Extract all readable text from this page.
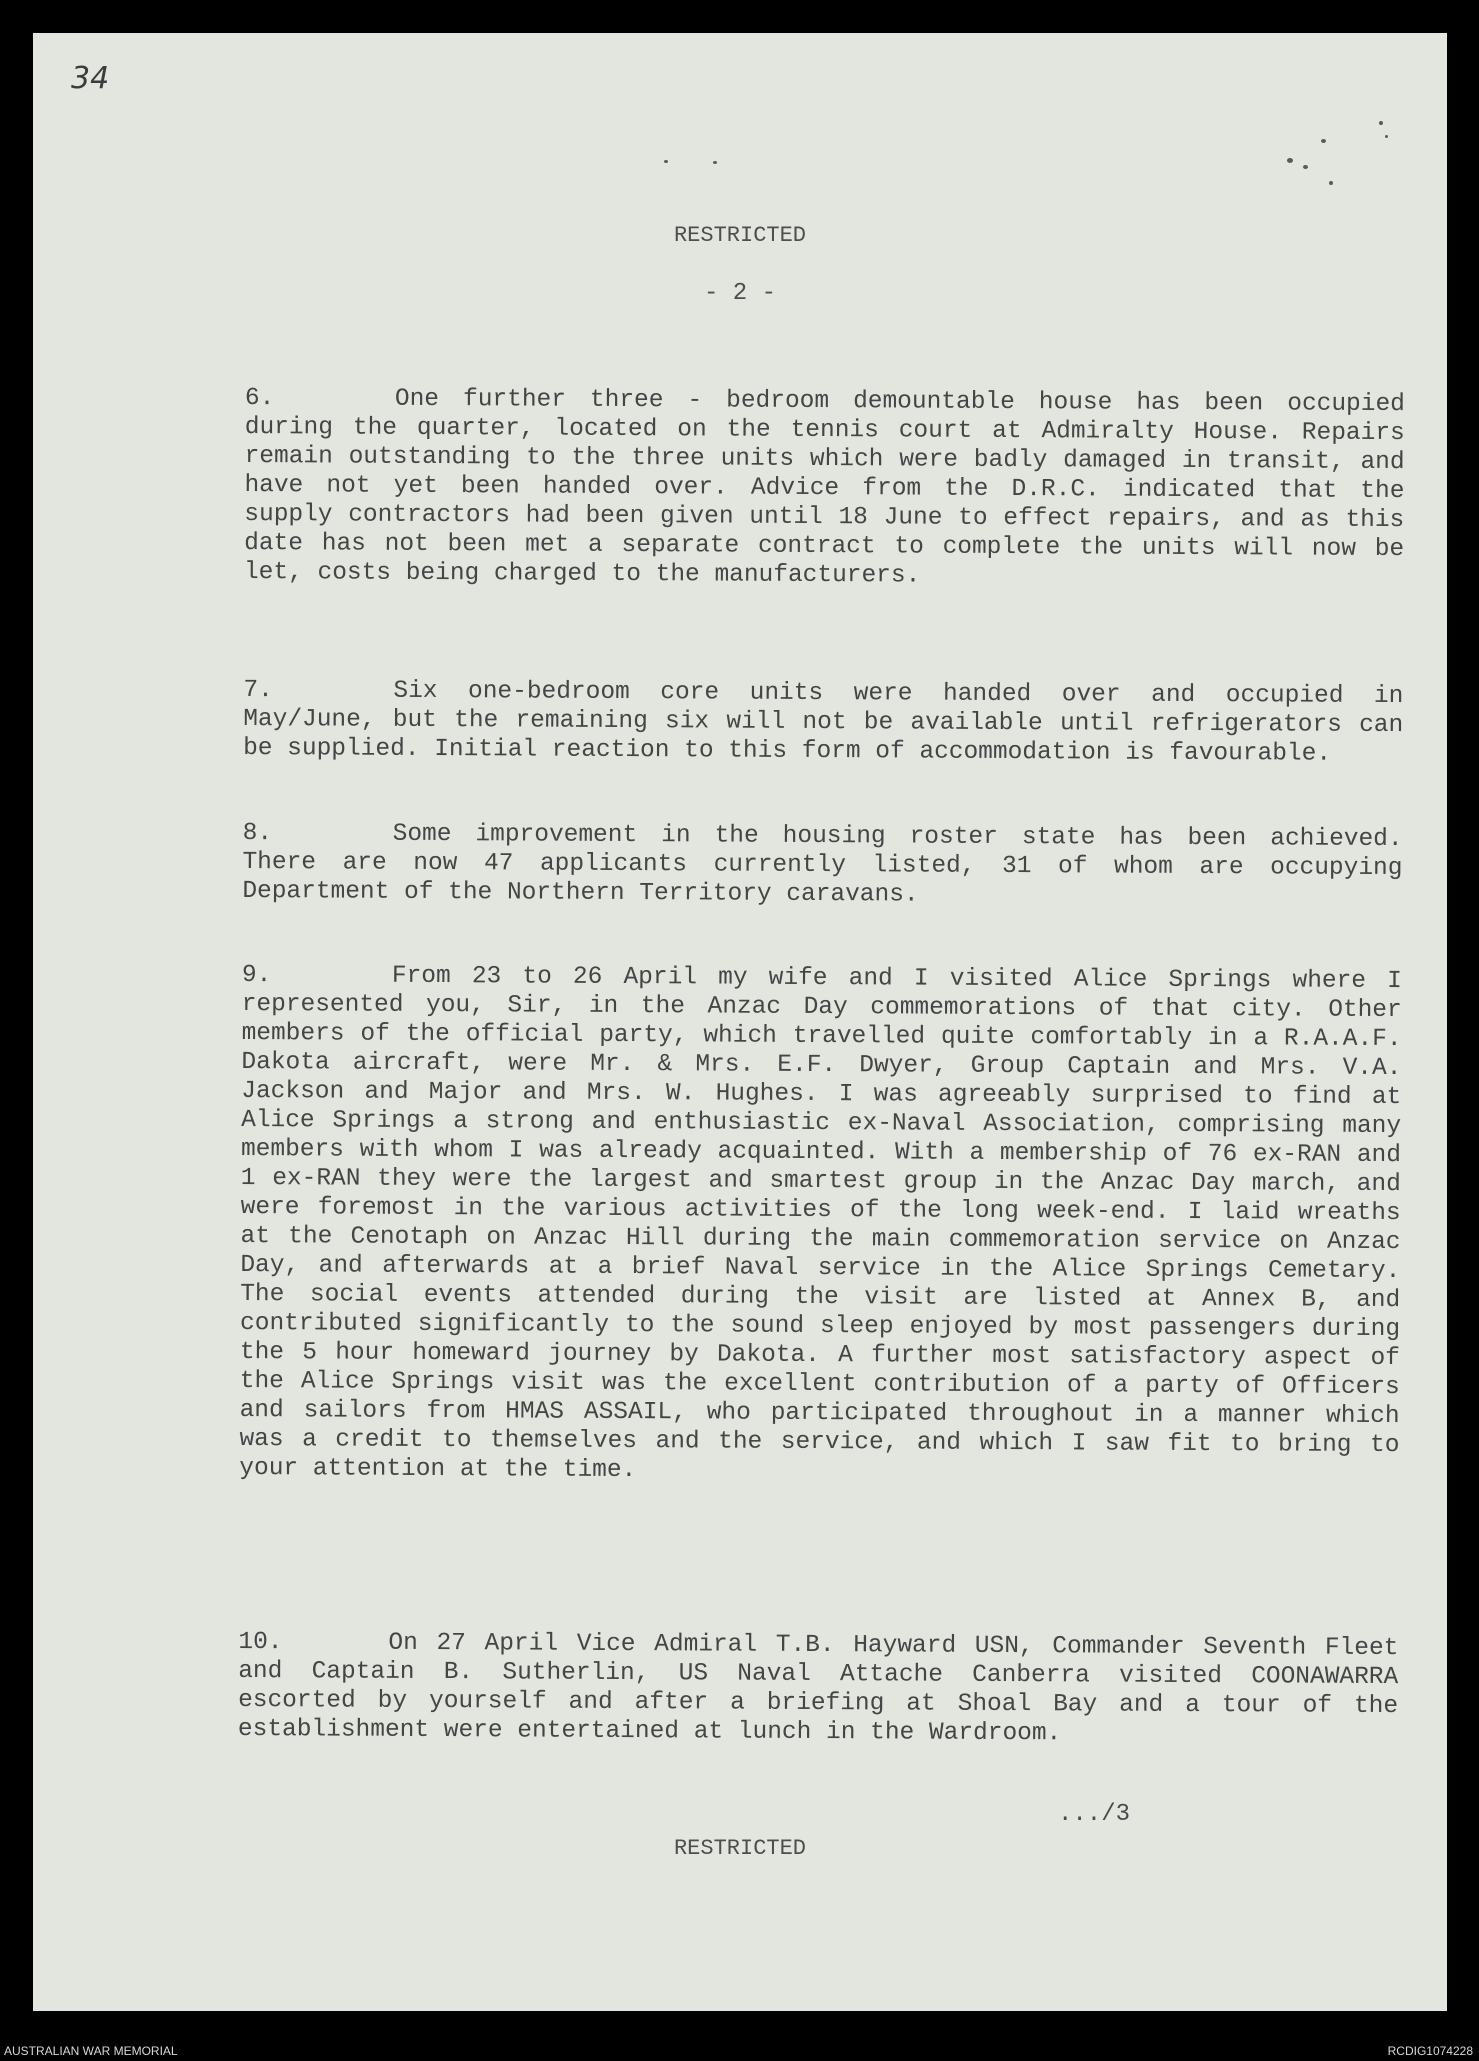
34
RESTRICTED
- 2 -
6.	One further three - bedroom demountable house has been occupied during the quarter, located on the tennis court at Admiralty House. Repairs remain outstanding to the three units which were badly damaged in transit, and have not yet been handed over. Advice from the D.R.C. indicated that the supply contractors had been given until 18 June to effect repairs, and as this date has not been met a separate contract to complete the units will now be let, costs being charged to the manufacturers.
7.	Six one-bedroom core units were handed over and occupied in May/June, but the remaining six will not be available until refrigerators can be supplied. Initial reaction to this form of accommodation is favourable.
8.	Some improvement in the housing roster state has been achieved. There are now 47 applicants currently listed, 31 of whom are occupying Department of the Northern Territory caravans.
9.	From 23 to 26 April my wife and I visited Alice Springs where I represented you, Sir, in the Anzac Day commemorations of that city. Other members of the official party, which travelled quite comfortably in a R.A.A.F. Dakota aircraft, were Mr. & Mrs. E.F. Dwyer, Group Captain and Mrs. V.A. Jackson and Major and Mrs. W. Hughes. I was agreeably surprised to find at Alice Springs a strong and enthusiastic ex-Naval Association, comprising many members with whom I was already acquainted. With a membership of 76 ex-RAN and 1 ex-RAN they were the largest and smartest group in the Anzac Day march, and were foremost in the various activities of the long week-end. I laid wreaths at the Cenotaph on Anzac Hill during the main commemoration service on Anzac Day, and afterwards at a brief Naval service in the Alice Springs Cemetary. The social events attended during the visit are listed at Annex B, and contributed significantly to the sound sleep enjoyed by most passengers during the 5 hour homeward journey by Dakota. A further most satisfactory aspect of the Alice Springs visit was the excellent contribution of a party of Officers and sailors from HMAS ASSAIL, who participated throughout in a manner which was a credit to themselves and the service, and which I saw fit to bring to your attention at the time.
10.	On 27 April Vice Admiral T.B. Hayward USN, Commander Seventh Fleet and Captain B. Sutherlin, US Naval Attache Canberra visited COONAWARRA escorted by yourself and after a briefing at Shoal Bay and a tour of the establishment were entertained at lunch in the Wardroom.
.../3
RESTRICTED
AUSTRALIAN WAR MEMORIAL	RCDIG1074228
